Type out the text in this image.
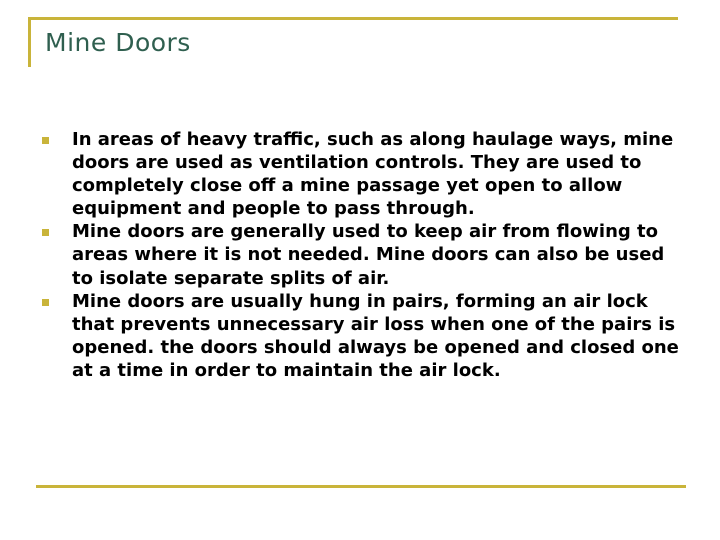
Mine Doors
In areas of heavy traffic, such as along haulage ways, mine doors are used as ventilation controls. They are used to completely close off a mine passage yet open to allow equipment and people to pass through.
Mine doors are generally used to keep air from flowing to areas where it is not needed. Mine doors can also be used to isolate separate splits of air.
Mine doors are usually hung in pairs, forming an air lock that prevents unnecessary air loss when one of the pairs is opened. the doors should always be opened and closed one at a time in order to maintain the air lock.
